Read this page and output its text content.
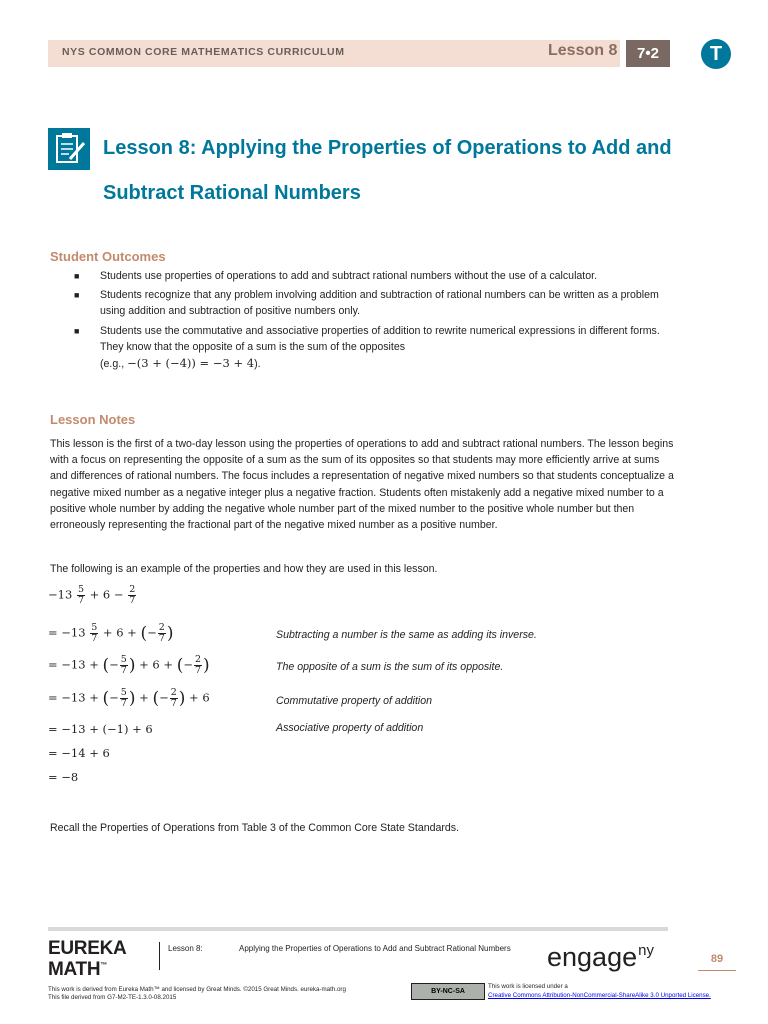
NYS COMMON CORE MATHEMATICS CURRICULUM	Lesson 8	7•2	T
Lesson 8: Applying the Properties of Operations to Add and
Subtract Rational Numbers
Student Outcomes
■ Students use properties of operations to add and subtract rational numbers without the use of a calculator.
■ Students recognize that any problem involving addition and subtraction of rational numbers can be written as a problem using addition and subtraction of positive numbers only.
■ Students use the commutative and associative properties of addition to rewrite numerical expressions in different forms. They know that the opposite of a sum is the sum of the opposites
(e.g., −(3 + (−4)) = −3 + 4).
Lesson Notes
This lesson is the first of a two-day lesson using the properties of operations to add and subtract rational numbers. The lesson begins with a focus on representing the opposite of a sum as the sum of its opposites so that students may more efficiently arrive at sums and differences of rational numbers. The focus includes a representation of negative mixed numbers so that students conceptualize a negative mixed number as a negative integer plus a negative fraction. Students often mistakenly add a negative mixed number to a positive whole number by adding the negative whole number part of the mixed number to the positive whole number but then erroneously representing the fractional part of the negative mixed number as a positive number.
The following is an example of the properties and how they are used in this lesson.
$-13 \frac{5}{7} + 6 - \frac{2}{7}$
= $-13 \frac{5}{7} + 6$ + (− $\frac{2}{7}$ )	Subtracting a number is the same as adding its inverse.
= −13 + (− $\frac{5}{7}$ ) + 6 + (− $\frac{2}{7}$ )	The opposite of a sum is the sum of its opposite.
= −13 + (− $\frac{5}{7}$ ) + (− $\frac{2}{7}$ ) + 6	Commutative property of addition
= −13 + (−1) + 6	Associative property of addition
= −14 + 6
= −8
Recall the Properties of Operations from Table 3 of the Common Core State Standards.
EUREKA
MATH™
Lesson 8:	Applying the Properties of Operations to Add and Subtract Rational Numbers	engage$^{ny}$	89
This work is derived from Eureka Math™ and licensed by Great Minds. ©2015 Great Minds. eureka-math.org
This file derived from G7-M2-TE-1.3.0-08.2015
BY-NC-SA
This work is licensed under a
Creative Commons Attribution-NonCommercial-ShareAlike 3.0 Unported License.
